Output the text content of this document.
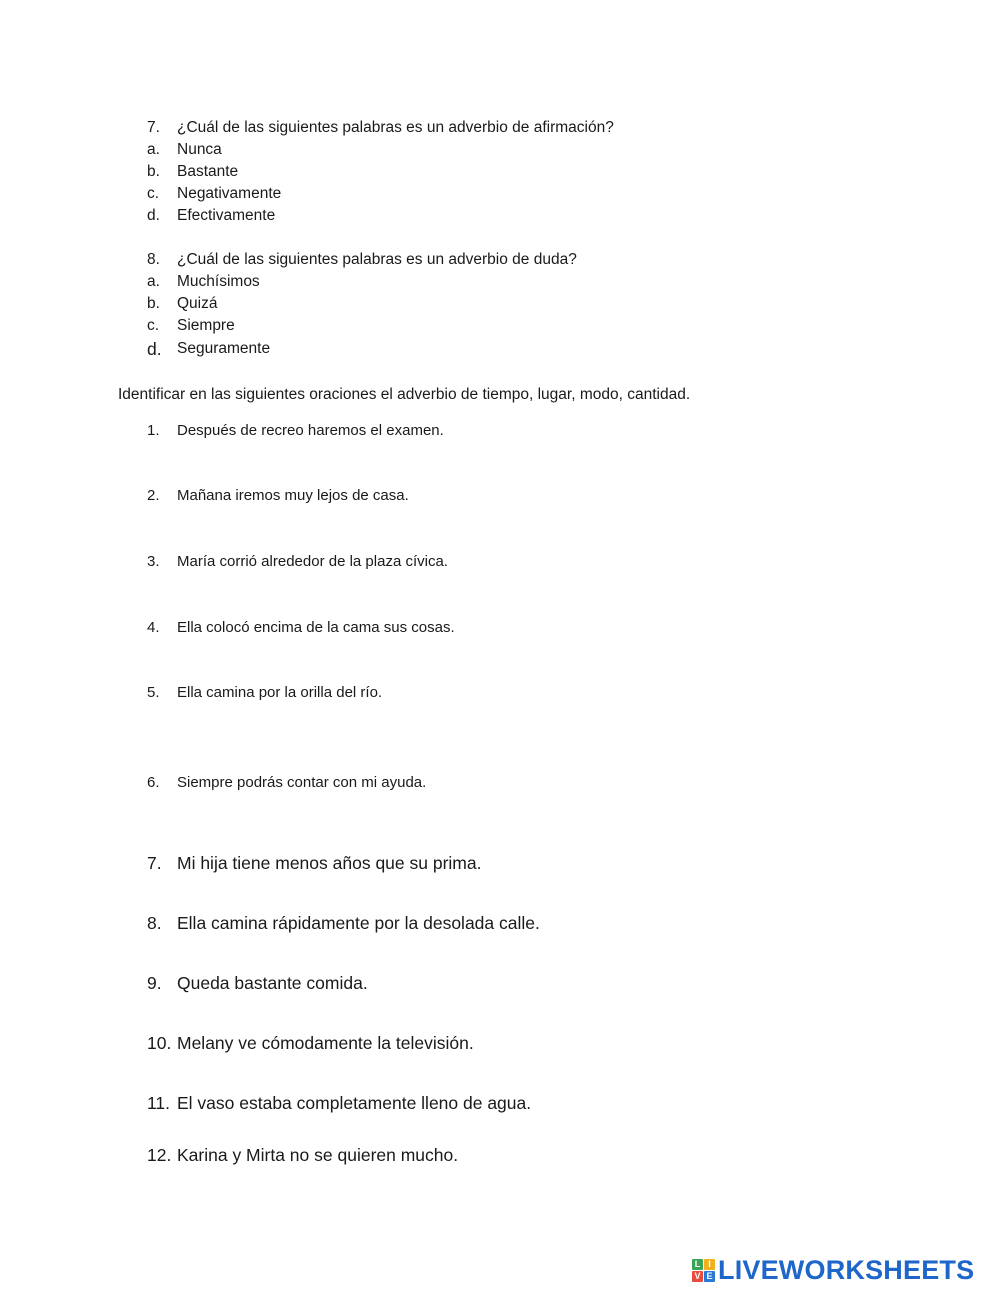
7. ¿Cuál de las siguientes palabras es un adverbio de afirmación?
a. Nunca
b. Bastante
c. Negativamente
d. Efectivamente
8. ¿Cuál de las siguientes palabras es un adverbio de duda?
a. Muchísimos
b. Quizá
c. Siempre
d. Seguramente
Identificar en las siguientes oraciones el adverbio de tiempo, lugar, modo, cantidad.
1. Después de recreo haremos el examen.
2. Mañana iremos muy lejos de casa.
3. María corrió alrededor de la plaza cívica.
4. Ella colocó encima de la cama sus cosas.
5. Ella camina por la orilla del río.
6. Siempre podrás contar con mi ayuda.
7. Mi hija tiene menos años que su prima.
8. Ella camina rápidamente por la desolada calle.
9. Queda bastante comida.
10. Melany ve cómodamente la televisión.
11. El vaso estaba completamente lleno de agua.
12. Karina y Mirta no se quieren mucho.
L I
V E LIVEWORKSHEETS
